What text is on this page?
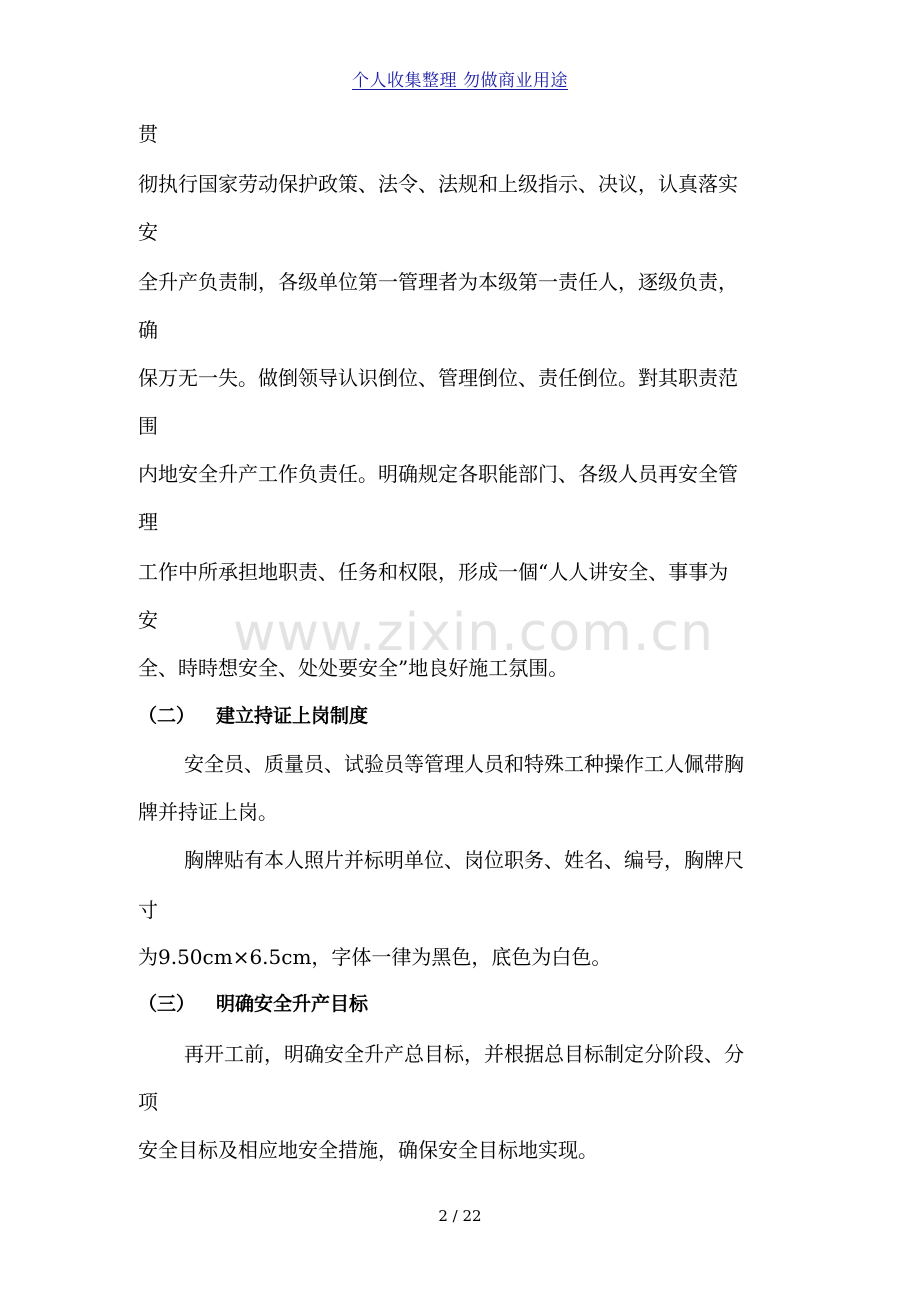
www.zixin.com.cn
个人收集整理 勿做商业用途
贯
彻执行国家劳动保护政策、法令、法规和上级指示、决议，认真落实
安
全升产负责制，各级单位第一管理者为本级第一责任人，逐级负责，
确
保万无一失。做倒领导认识倒位、管理倒位、责任倒位。對其职责范
围
内地安全升产工作负责任。明确规定各职能部门、各级人员再安全管
理
工作中所承担地职责、任务和权限，形成一個“人人讲安全、事事为
安
全、時時想安全、处处要安全”地良好施工氛围。
（二） 建立持证上岗制度
安全员、质量员、试验员等管理人员和特殊工种操作工人佩带胸
牌并持证上岗。
胸牌贴有本人照片并标明单位、岗位职务、姓名、编号，胸牌尺
寸
为9.50cm×6.5cm，字体一律为黑色，底色为白色。
（三） 明确安全升产目标
再开工前，明确安全升产总目标，并根据总目标制定分阶段、分
项
安全目标及相应地安全措施，确保安全目标地实现。
2 / 22
